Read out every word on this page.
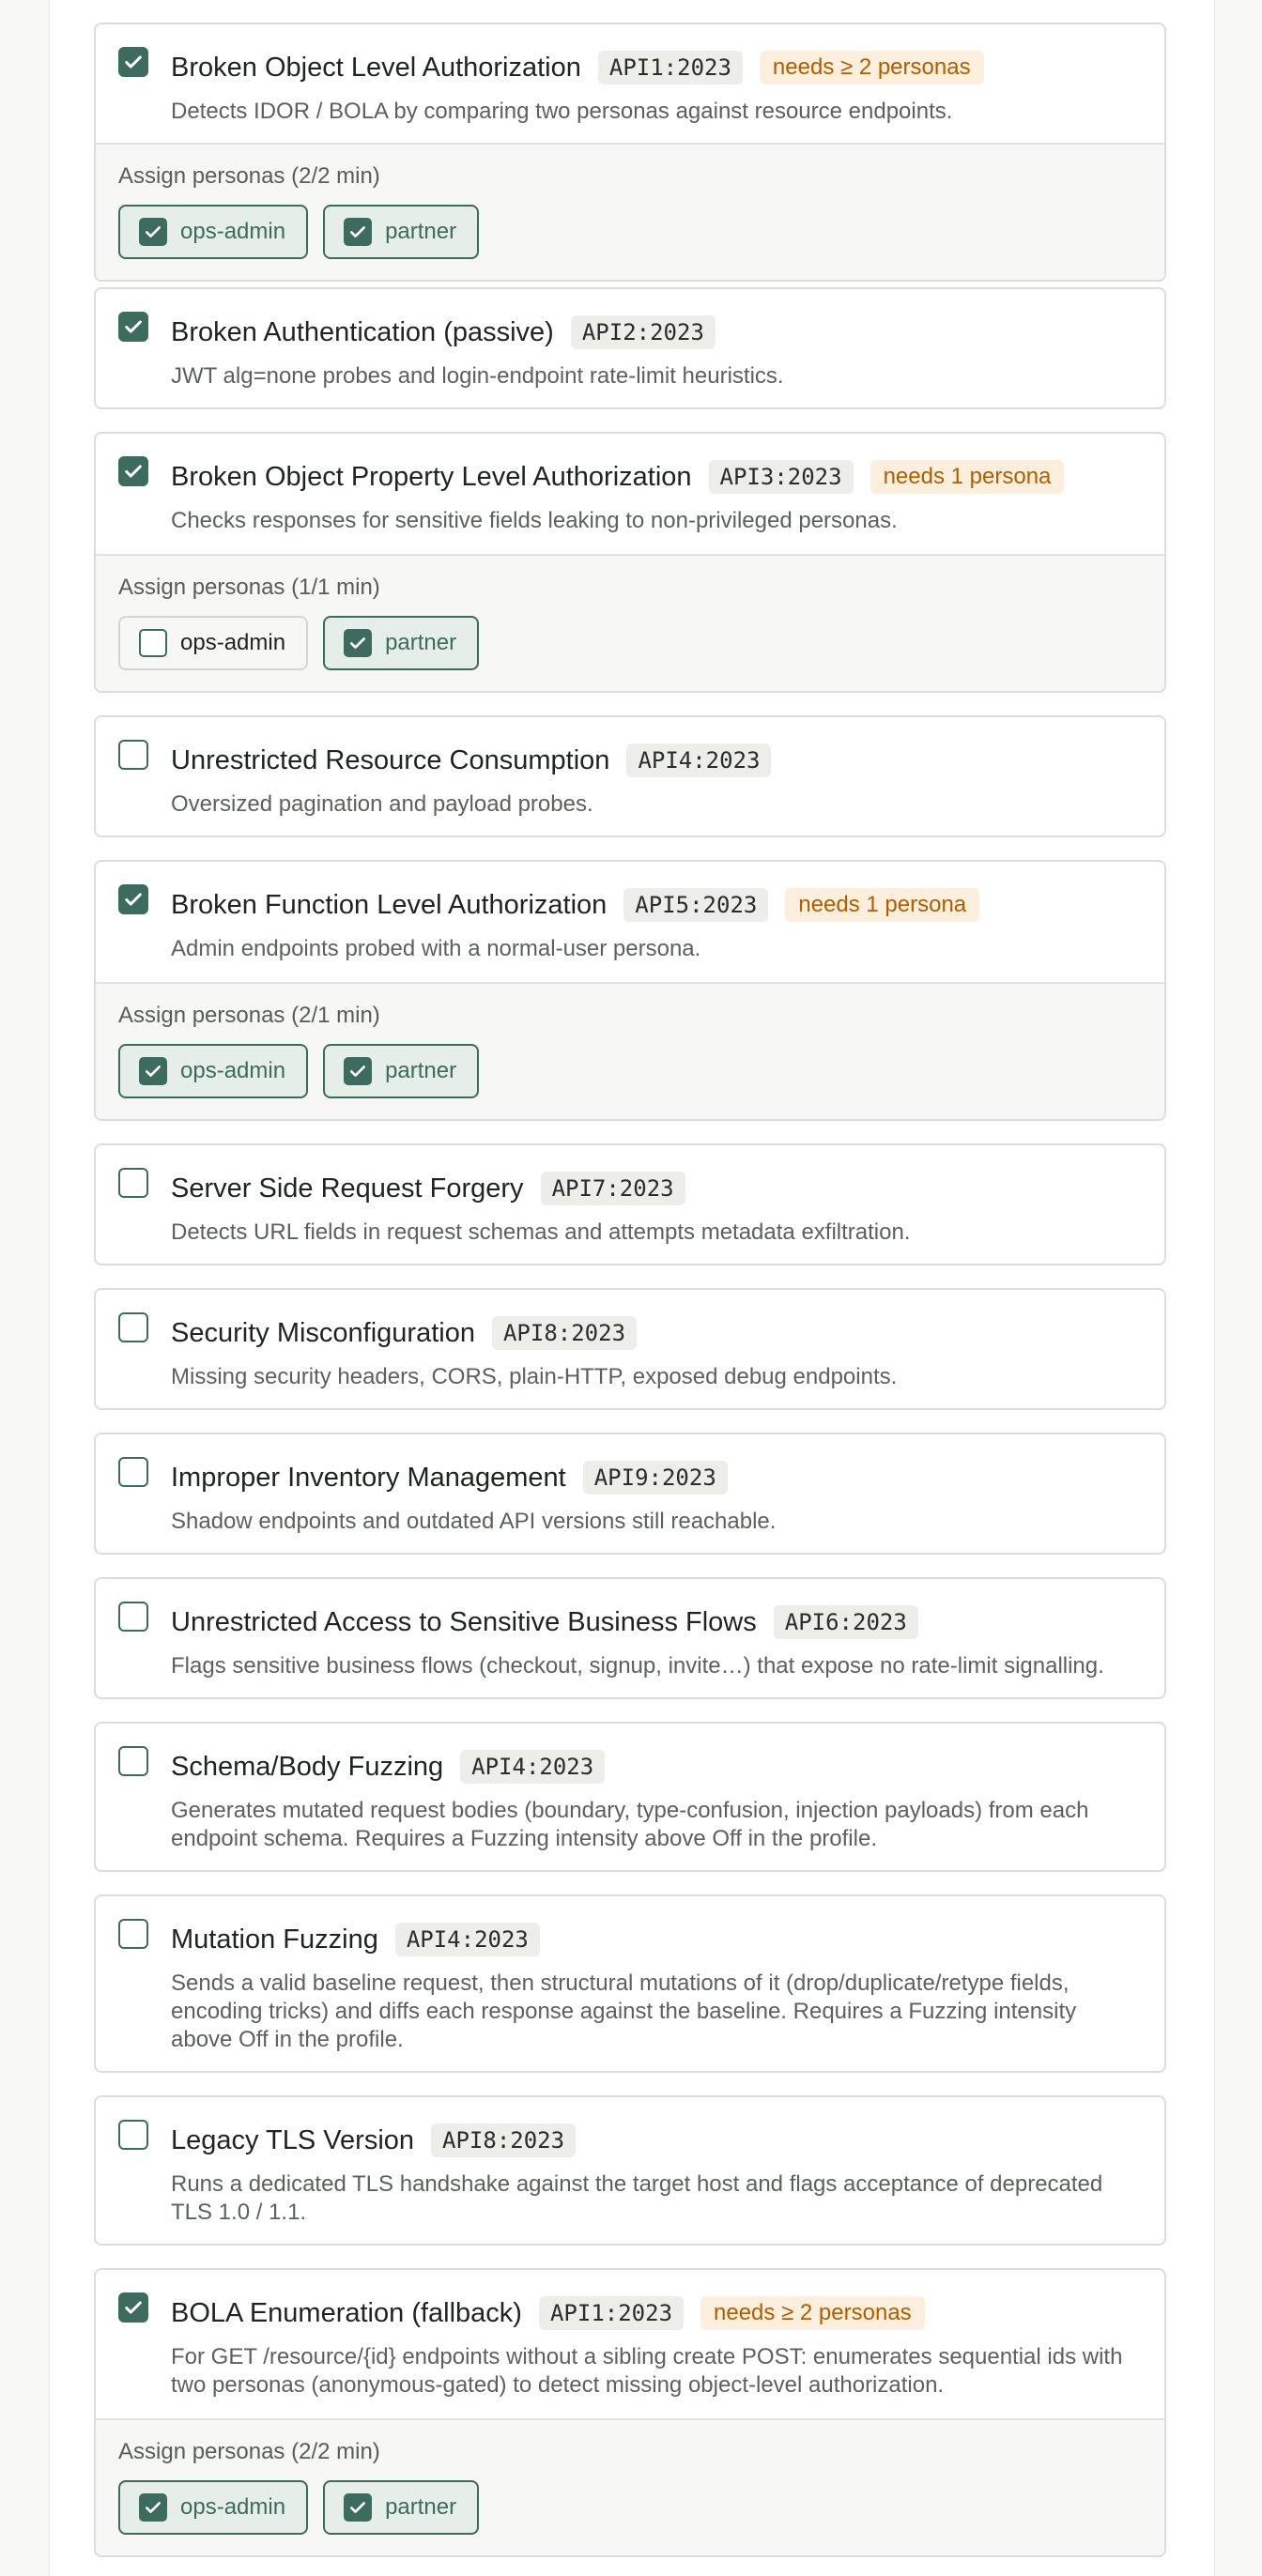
Broken Object Level Authorization	API1:2023	needs ≥ 2 personas
Detects IDOR / BOLA by comparing two personas against resource endpoints.
Assign personas (2/2 min)
ops-admin	partner
Broken Authentication (passive)	API2:2023
JWT alg=none probes and login-endpoint rate-limit heuristics.
Broken Object Property Level Authorization	API3:2023	needs 1 persona
Checks responses for sensitive fields leaking to non-privileged personas.
Assign personas (1/1 min)
ops-admin	partner
Unrestricted Resource Consumption	API4:2023
Oversized pagination and payload probes.
Broken Function Level Authorization	API5:2023	needs 1 persona
Admin endpoints probed with a normal-user persona.
Assign personas (2/1 min)
ops-admin	partner
Server Side Request Forgery	API7:2023
Detects URL fields in request schemas and attempts metadata exfiltration.
Security Misconfiguration	API8:2023
Missing security headers, CORS, plain-HTTP, exposed debug endpoints.
Improper Inventory Management	API9:2023
Shadow endpoints and outdated API versions still reachable.
Unrestricted Access to Sensitive Business Flows	API6:2023
Flags sensitive business flows (checkout, signup, invite…) that expose no rate-limit signalling.
Schema/Body Fuzzing	API4:2023
Generates mutated request bodies (boundary, type-confusion, injection payloads) from each endpoint schema. Requires a Fuzzing intensity above Off in the profile.
Mutation Fuzzing	API4:2023
Sends a valid baseline request, then structural mutations of it (drop/duplicate/retype fields, encoding tricks) and diffs each response against the baseline. Requires a Fuzzing intensity above Off in the profile.
Legacy TLS Version	API8:2023
Runs a dedicated TLS handshake against the target host and flags acceptance of deprecated TLS 1.0 / 1.1.
BOLA Enumeration (fallback)	API1:2023	needs ≥ 2 personas
For GET /resource/{id} endpoints without a sibling create POST: enumerates sequential ids with two personas (anonymous-gated) to detect missing object-level authorization.
Assign personas (2/2 min)
ops-admin	partner
